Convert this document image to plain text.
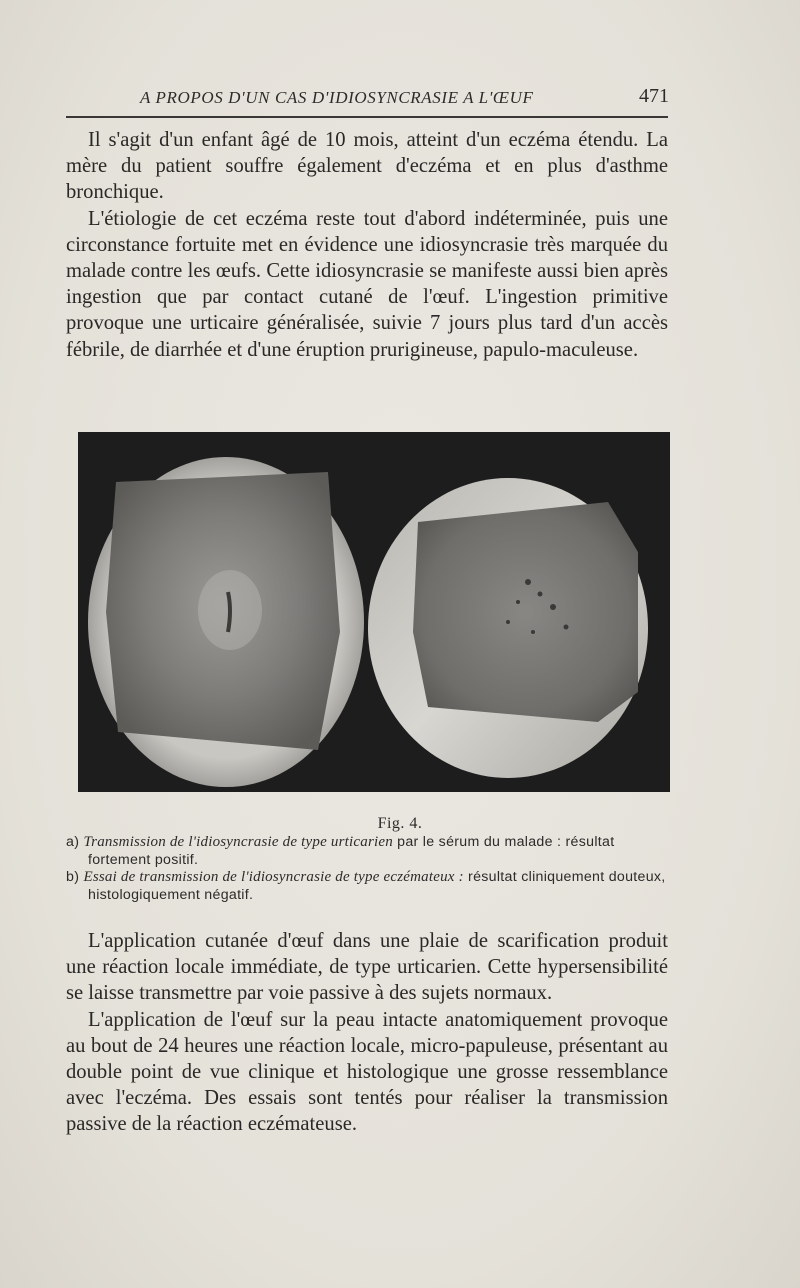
A PROPOS D'UN CAS D'IDIOSYNCRASIE A L'ŒUF	471

Il s'agit d'un enfant âgé de 10 mois, atteint d'un eczéma étendu. La mère du patient souffre également d'eczéma et en plus d'asthme bronchique.

L'étiologie de cet eczéma reste tout d'abord indéterminée, puis une circonstance fortuite met en évidence une idiosyncrasie très marquée du malade contre les œufs. Cette idiosyncrasie se manifeste aussi bien après ingestion que par contact cutané de l'œuf. L'ingestion primitive provoque une urticaire généralisée, suivie 7 jours plus tard d'un accès fébrile, de diarrhée et d'une éruption prurigineuse, papulo-maculeuse.

Fig. 4.

a) Transmission de l'idiosyncrasie de type urticarien par le sérum du malade : résultat fortement positif.

b) Essai de transmission de l'idiosyncrasie de type eczémateux : résultat cliniquement douteux, histologiquement négatif.

L'application cutanée d'œuf dans une plaie de scarification produit une réaction locale immédiate, de type urticarien. Cette hypersensibilité se laisse transmettre par voie passive à des sujets normaux.

L'application de l'œuf sur la peau intacte anatomiquement provoque au bout de 24 heures une réaction locale, micro-papuleuse, présentant au double point de vue clinique et histologique une grosse ressemblance avec l'eczéma. Des essais sont tentés pour réaliser la transmission passive de la réaction eczémateuse.
